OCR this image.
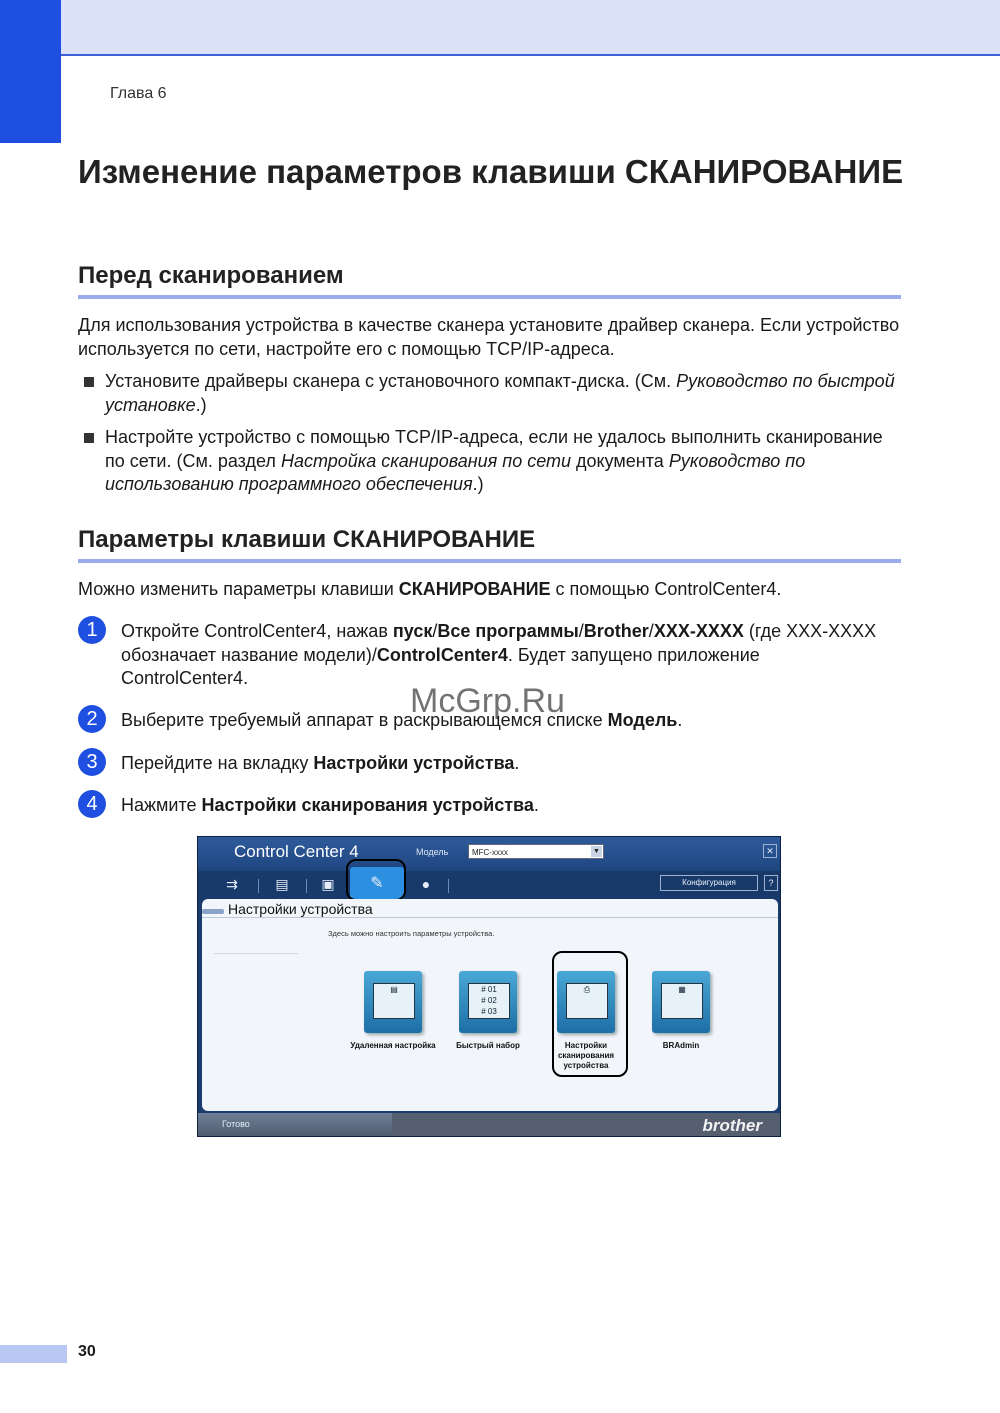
Глава 6
Изменение параметров клавиши СКАНИРОВАНИЕ
Перед сканированием
Для использования устройства в качестве сканера установите драйвер сканера. Если устройство используется по сети, настройте его с помощью TCP/IP-адреса.
Установите драйверы сканера с установочного компакт-диска. (См. Руководство по быстрой установке.)
Настройте устройство с помощью TCP/IP-адреса, если не удалось выполнить сканирование по сети. (См. раздел Настройка сканирования по сети документа Руководство по использованию программного обеспечения.)
Параметры клавиши СКАНИРОВАНИЕ
Можно изменить параметры клавиши СКАНИРОВАНИЕ с помощью ControlCenter4.
1	Откройте ControlCenter4, нажав пуск/Все программы/Brother/XXX-XXXX (где XXX-XXXX обозначает название модели)/ControlCenter4. Будет запущено приложение ControlCenter4.
2	Выберите требуемый аппарат в раскрывающемся списке Модель.
3	Перейдите на вкладку Настройки устройства.
4	Нажмите Настройки сканирования устройства.
Control Center 4	Модель	MFC-xxxx	▼	✕
⇉	▤	▣	✎	●	Конфигурация	?
Настройки устройства
Здесь можно настроить параметры устройства.
▤
Удаленная настройка
# 01
# 02
# 03
Быстрый набор
⎙
Настройки сканирования устройства
▦
BRAdmin
Готово	brother
McGrp.Ru
30
